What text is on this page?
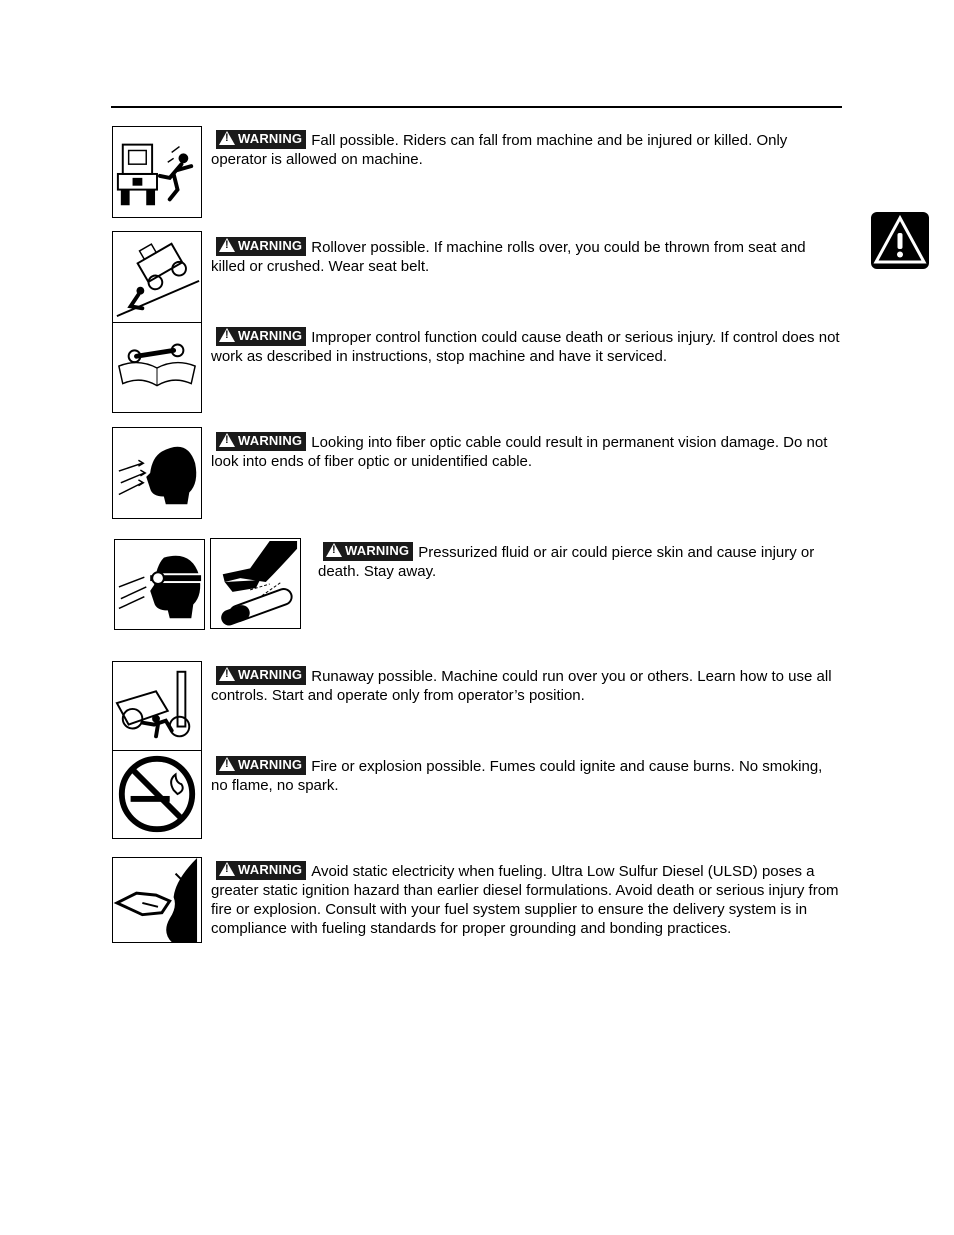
! WARNING Fall possible. Riders can fall from machine and be injured or killed. Only operator is allowed on machine.
! WARNING Rollover possible. If machine rolls over, you could be thrown from seat and killed or crushed. Wear seat belt.
! WARNING Improper control function could cause death or serious injury. If control does not work as described in instructions, stop machine and have it serviced.
! WARNING Looking into fiber optic cable could result in permanent vision damage. Do not look into ends of fiber optic or unidentified cable.
! WARNING Pressurized fluid or air could pierce skin and cause injury or death. Stay away.
! WARNING Runaway possible. Machine could run over you or others. Learn how to use all controls. Start and operate only from operator’s position.
! WARNING Fire or explosion possible. Fumes could ignite and cause burns. No smoking, no flame, no spark.
! WARNING Avoid static electricity when fueling. Ultra Low Sulfur Diesel (ULSD) poses a greater static ignition hazard than earlier diesel formulations. Avoid death or serious injury from fire or explosion. Consult with your fuel system supplier to ensure the delivery system is in compliance with fueling standards for proper grounding and bonding practices.
